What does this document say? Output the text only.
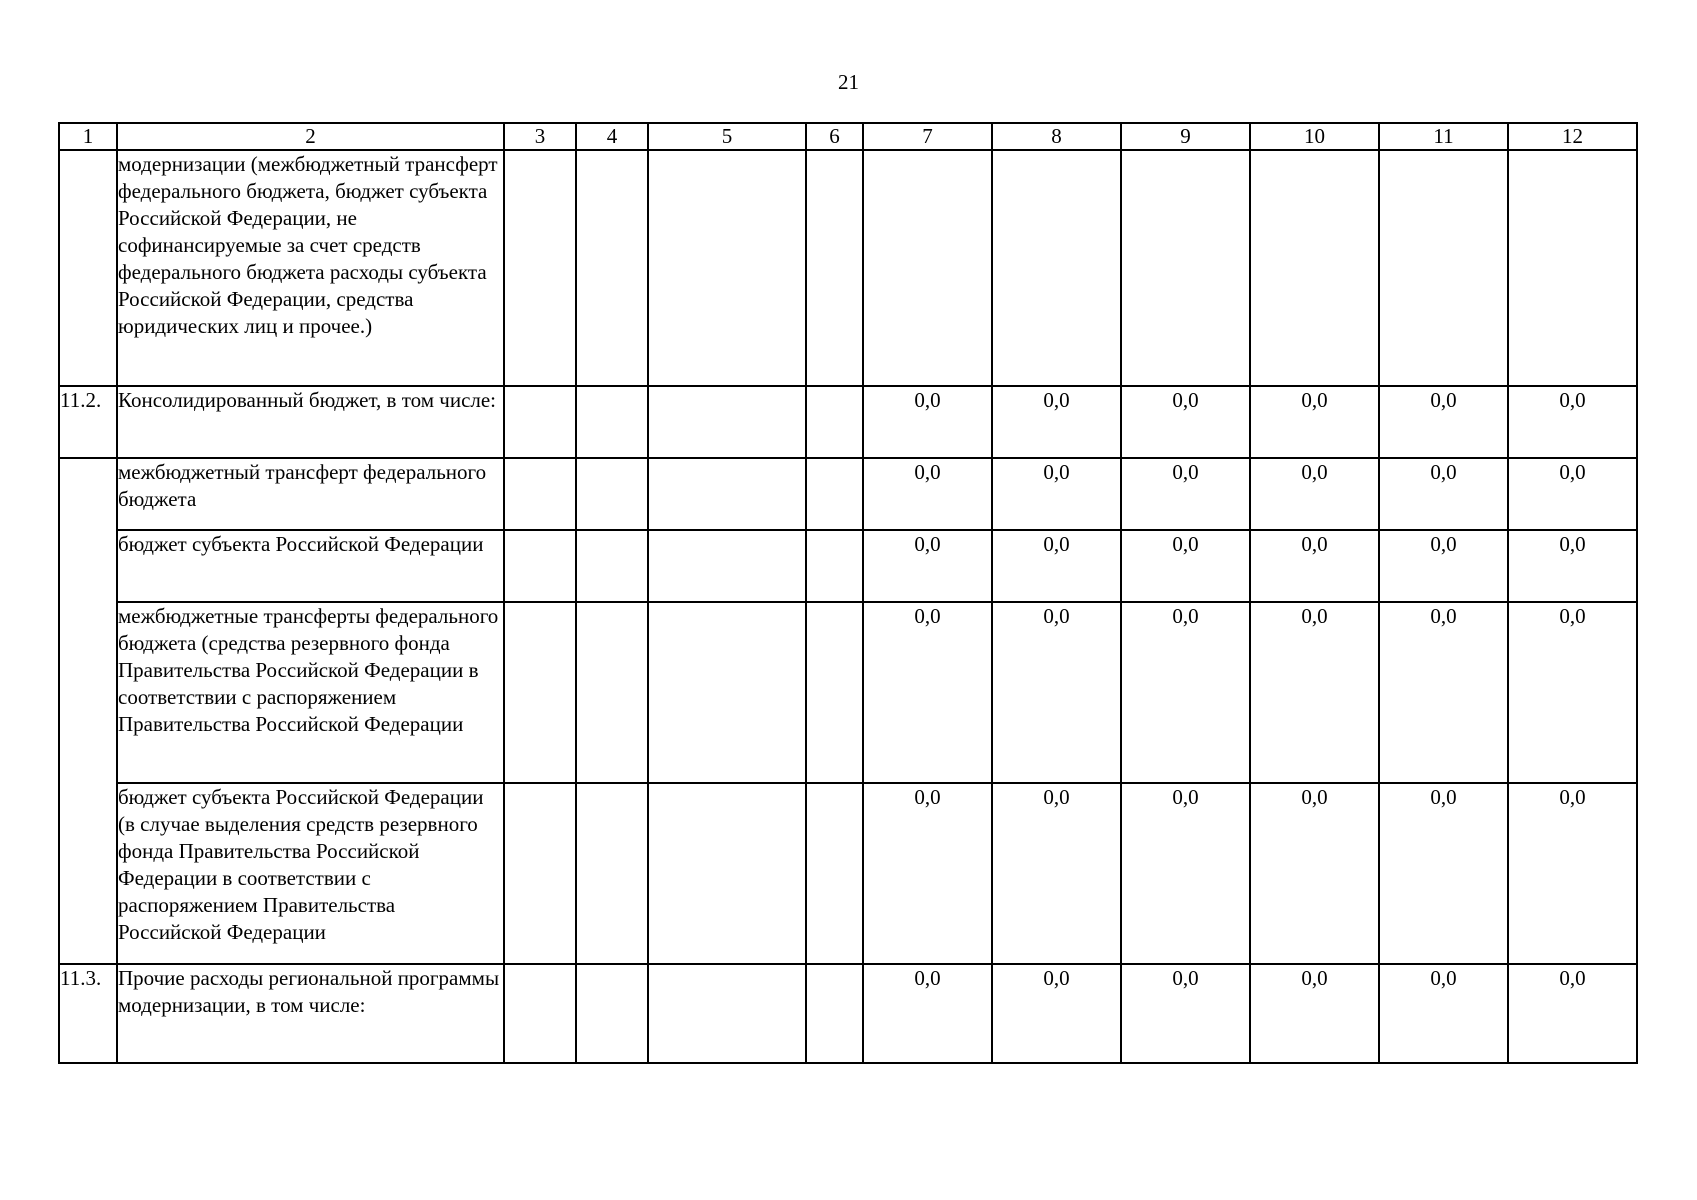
21
1	2	3	4	5	6	7	8	9	10	11	12
	модернизации (межбюджетный трансферт федерального бюджета, бюджет субъекта Российской Федерации, не софинансируемые за счет средств федерального бюджета расходы субъекта Российской Федерации, средства юридических лиц и прочее.)										
11.2.	Консолидированный бюджет, в том числе:					0,0	0,0	0,0	0,0	0,0	0,0
	межбюджетный трансферт федерального бюджета					0,0	0,0	0,0	0,0	0,0	0,0
	бюджет субъекта Российской Федерации					0,0	0,0	0,0	0,0	0,0	0,0
	межбюджетные трансферты федерального бюджета (средства резервного фонда Правительства Российской Федерации в соответствии с распоряжением Правительства Российской Федерации					0,0	0,0	0,0	0,0	0,0	0,0
	бюджет субъекта Российской Федерации (в случае выделения средств резервного фонда Правительства Российской Федерации в соответствии с распоряжением Правительства Российской Федерации					0,0	0,0	0,0	0,0	0,0	0,0
11.3.	Прочие расходы региональной программы модернизации, в том числе:					0,0	0,0	0,0	0,0	0,0	0,0
